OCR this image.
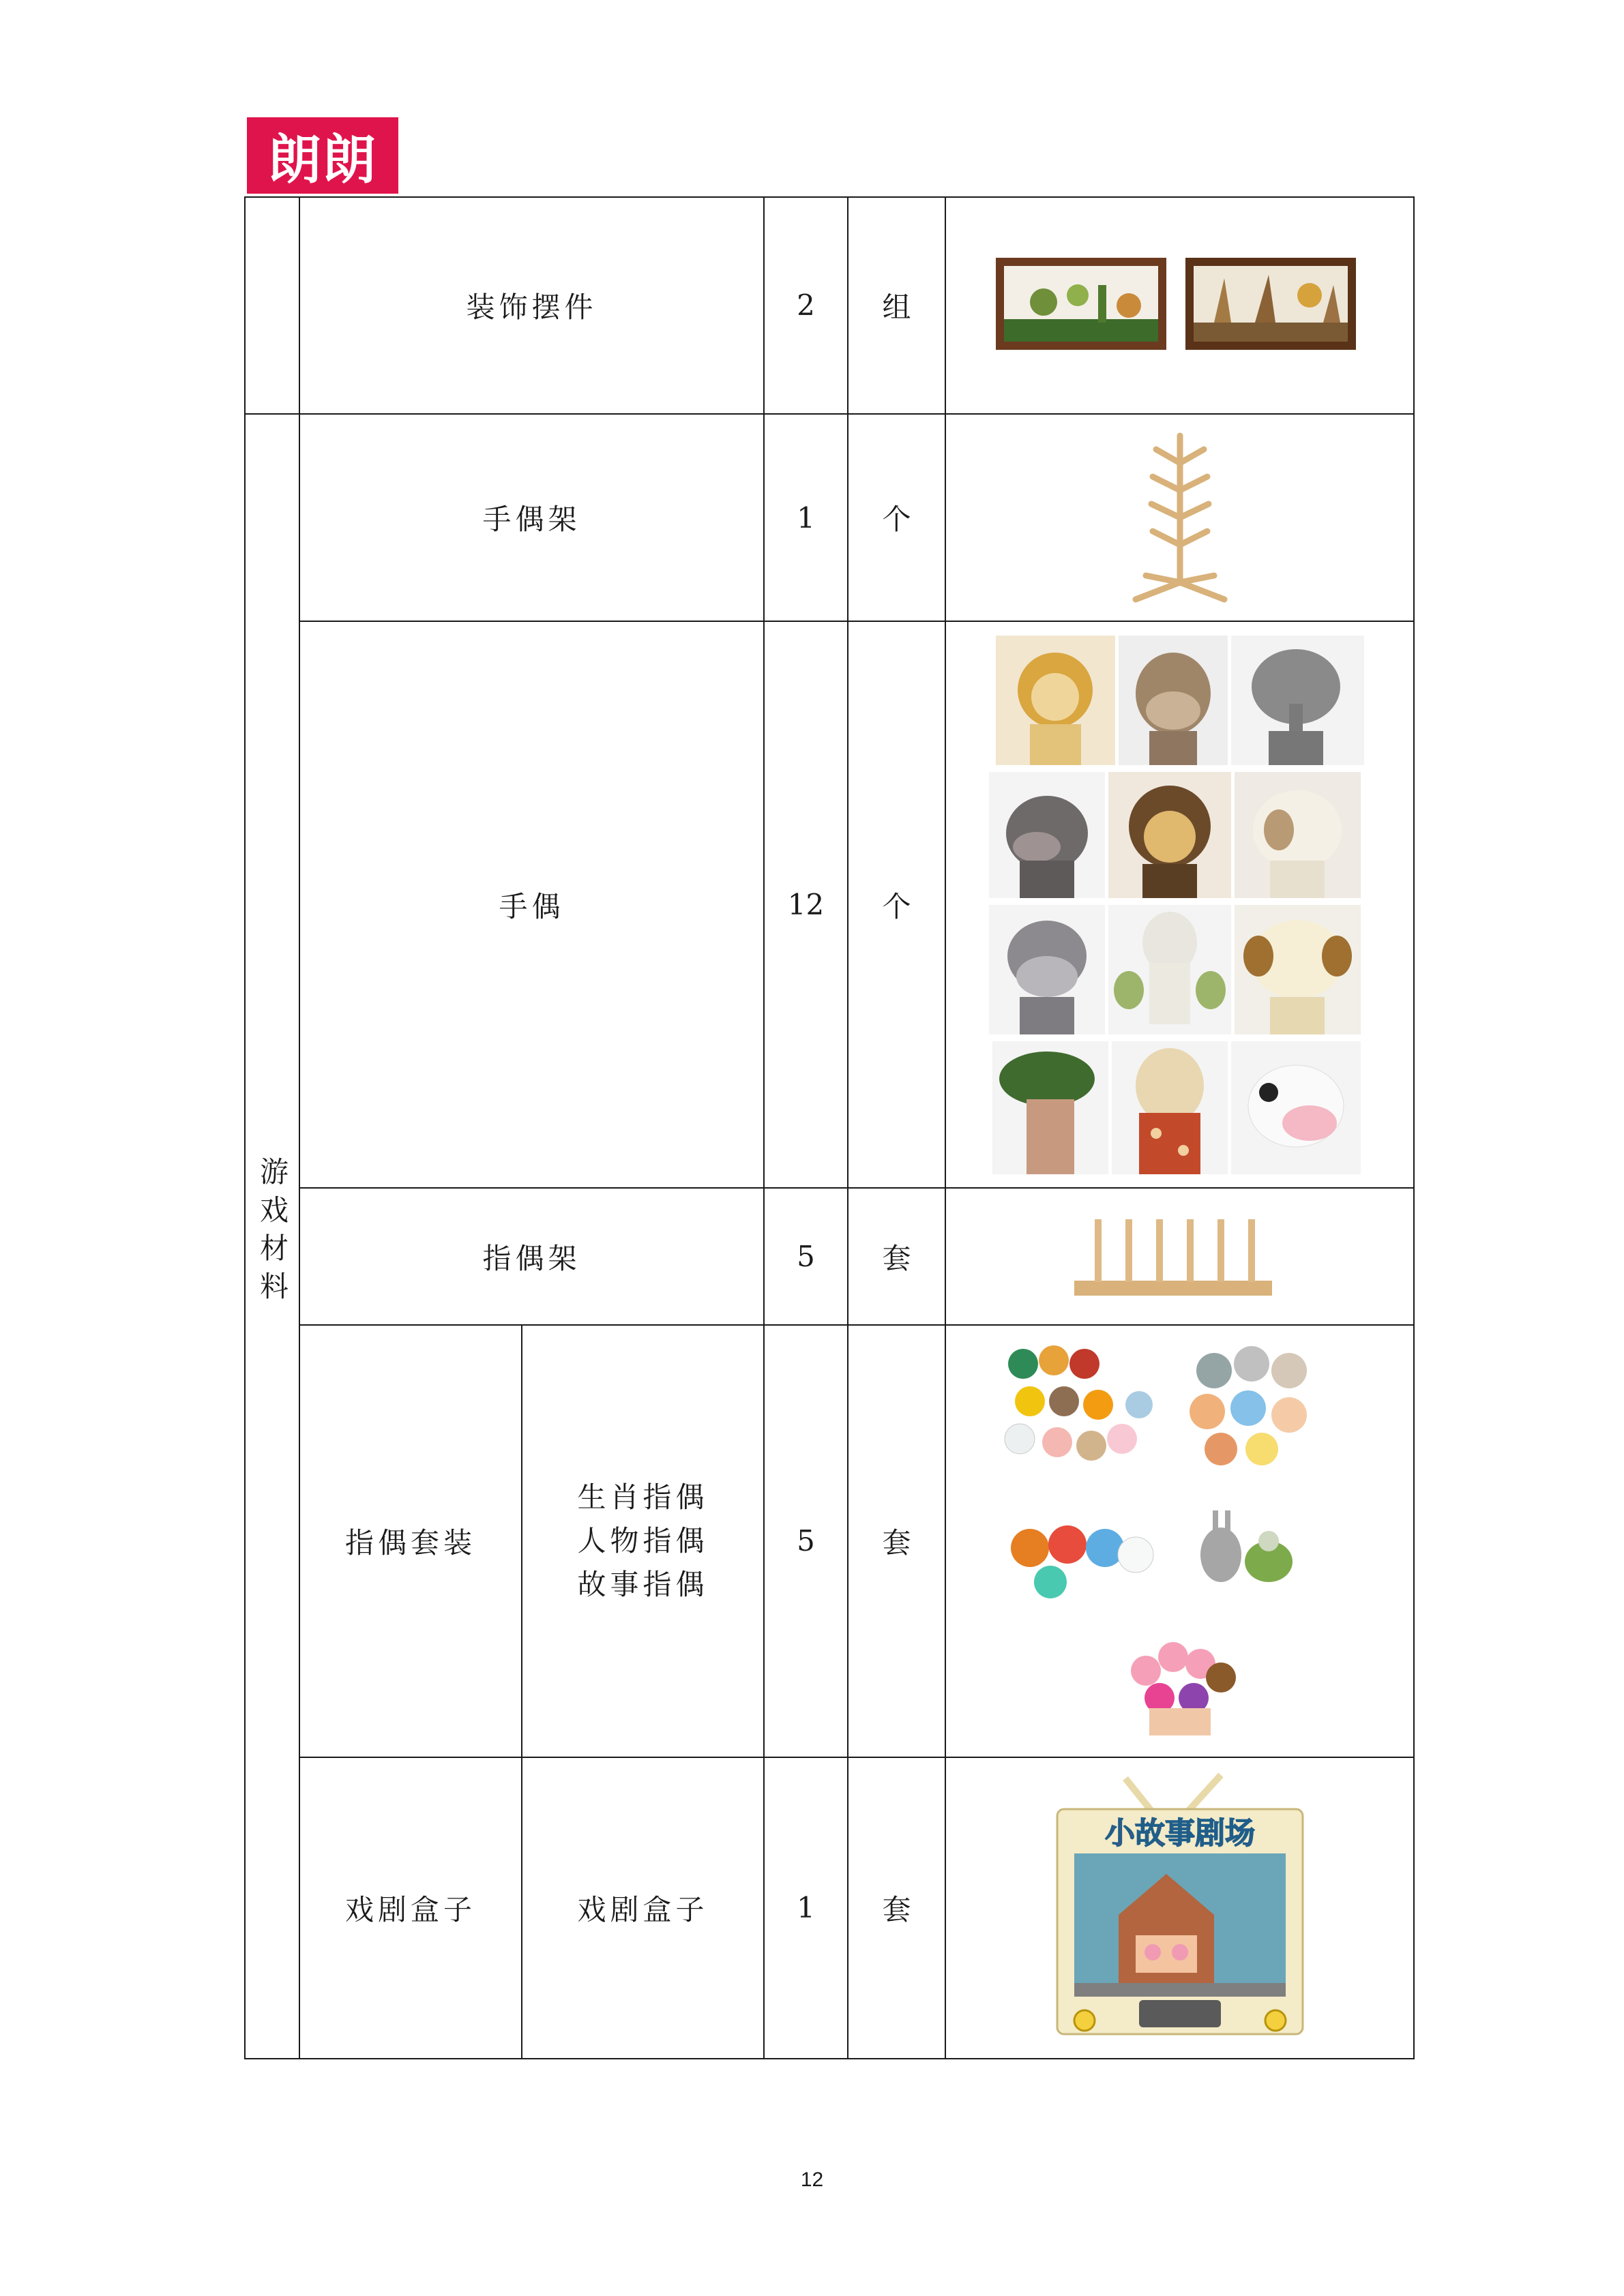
朗朗
	装饰摆件		2	组	

游戏材料	手偶架		1	个	

	手偶		12	个	

	指偶架		5	套	

	指偶套装	生肖指偶
人物指偶
故事指偶	5	套	

	戏剧盒子	戏剧盒子	1	套	小故事剧场
12
